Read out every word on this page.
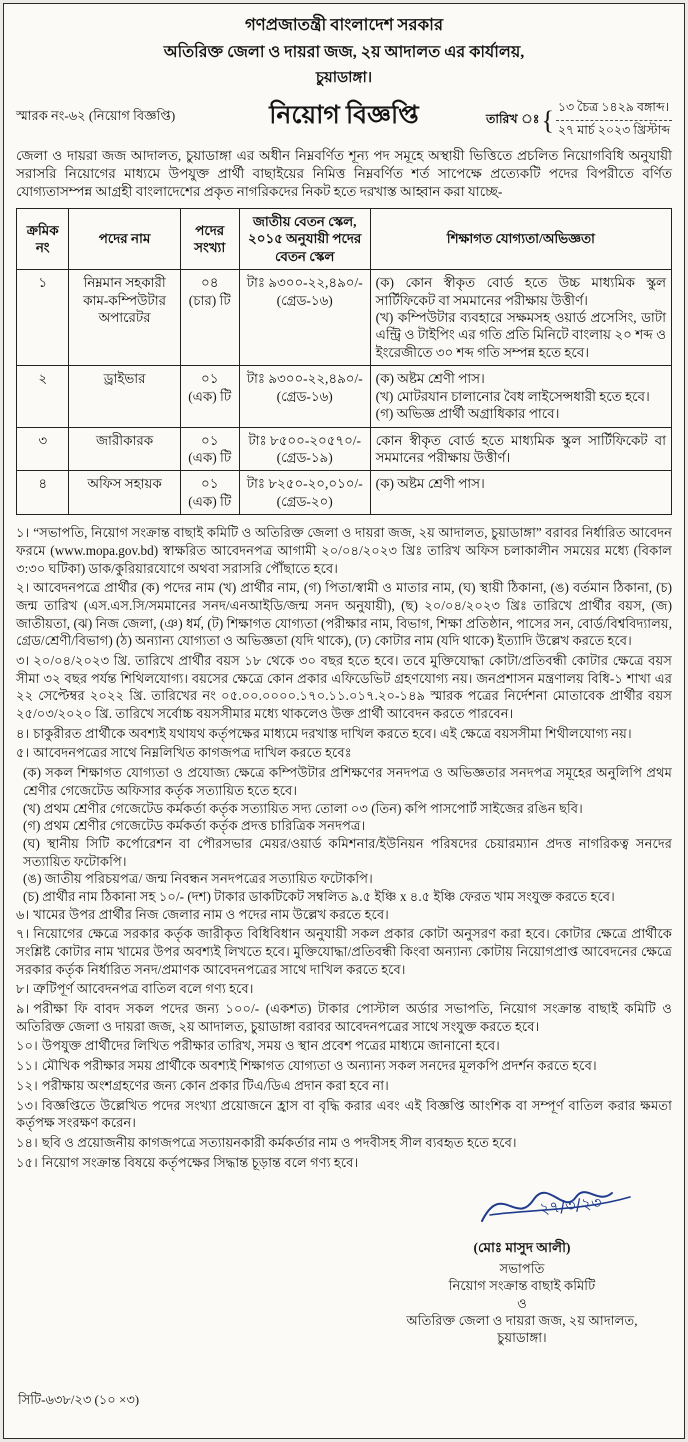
গণপ্রজাতন্ত্রী বাংলাদেশ সরকার
অতিরিক্ত জেলা ও দায়রা জজ, ২য় আদালত এর কার্যালয়,
চুয়াডাঙ্গা।
স্মারক নং-৬২ (নিয়োগ বিজ্ঞপ্তি)	নিয়োগ বিজ্ঞপ্তি	তারিখ ঃ { ১৩ চৈত্র ১৪২৯ বঙ্গাব্দ।
২৭ মার্চ ২০২৩ খ্রিস্টাব্দ

জেলা ও দায়রা জজ আদালত, চুয়াডাঙ্গা এর অধীন নিম্নবর্ণিত শূন্য পদ সমূহে অস্থায়ী ভিত্তিতে প্রচলিত নিয়োগবিধি অনুযায়ী সরাসরি নিয়োগের মাধ্যমে উপযুক্ত প্রার্থী বাছাইয়ের নিমিত্ত নিম্নবর্ণিত শর্ত সাপেক্ষে প্রত্যেকটি পদের বিপরীতে বর্ণিত যোগ্যতাসম্পন্ন আগ্রহী বাংলাদেশের প্রকৃত নাগরিকদের নিকট হতে দরখাস্ত আহ্বান করা যাচ্ছে-

ক্রমিক নং	পদের নাম	পদের সংখ্যা	জাতীয় বেতন স্কেল, ২০১৫ অনুযায়ী পদের বেতন স্কেল	শিক্ষাগত যোগ্যতা/অভিজ্ঞতা
১	নিম্নমান সহকারী কাম-কম্পিউটার অপারেটর	০৪ (চার) টি	টাঃ ৯৩০০-২২,৪৯০/- (গ্রেড-১৬)	(ক) কোন স্বীকৃত বোর্ড হতে উচ্চ মাধ্যমিক স্কুল সার্টিফিকেট বা সমমানের পরীক্ষায় উত্তীর্ণ।
(খ) কম্পিউটার ব্যবহারে সক্ষমসহ ওয়ার্ড প্রসেসিং, ডাটা এন্ট্রি ও টাইপিং এর গতি প্রতি মিনিটে বাংলায় ২০ শব্দ ও ইংরেজীতে ৩০ শব্দ গতি সম্পন্ন হতে হবে।

২	ড্রাইভার	০১ (এক) টি	টাঃ ৯৩০০-২২,৪৯০/- (গ্রেড-১৬)	(ক) অষ্টম শ্রেণী পাস।
(খ) মোটরযান চালানোর বৈধ লাইসেন্সধারী হতে হবে।
(গ) অভিজ্ঞ প্রার্থী অগ্রাধিকার পাবে।

৩	জারীকারক	০১ (এক) টি	টাঃ ৮৫০০-২০৫৭০/- (গ্রেড-১৯)	কোন স্বীকৃত বোর্ড হতে মাধ্যমিক স্কুল সার্টিফিকেট বা সমমানের পরীক্ষায় উত্তীর্ণ।

৪	অফিস সহায়ক	০১ (এক) টি	টাঃ ৮২৫০-২০,০১০/- (গ্রেড-২০)	(ক) অষ্টম শ্রেণী পাস।

১। “সভাপতি, নিয়োগ সংক্রান্ত বাছাই কমিটি ও অতিরিক্ত জেলা ও দায়রা জজ, ২য় আদালত, চুয়াডাঙ্গা” বরাবর নির্ধারিত আবেদন ফরমে (www.mopa.gov.bd) স্বাক্ষরিত আবেদনপত্র আগামী ২০/০৪/২০২৩ খ্রিঃ তারিখ অফিস চলাকালীন সময়ের মধ্যে (বিকাল ৩:৩০ ঘটিকা) ডাক/কুরিয়ারযোগে অথবা সরাসরি পৌঁছাতে হবে।

২। আবেদনপত্রে প্রার্থীর (ক) পদের নাম (খ) প্রার্থীর নাম, (গ) পিতা/স্বামী ও মাতার নাম, (ঘ) স্থায়ী ঠিকানা, (ঙ) বর্তমান ঠিকানা, (চ) জন্ম তারিখ (এস.এস.সি/সমমানের সনদ/এনআইডি/জন্ম সনদ অনুযায়ী), (ছ) ২০/০৪/২০২৩ খ্রিঃ তারিখে প্রার্থীর বয়স, (জ) জাতীয়তা, (ঝ) নিজ জেলা, (ঞ) ধর্ম, (ট) শিক্ষাগত যোগ্যতা (পরীক্ষার নাম, বিভাগ, শিক্ষা প্রতিষ্ঠান, পাসের সন, বোর্ড/বিশ্ববিদ্যালয়, গ্রেড/শ্রেণী/বিভাগ) (ঠ) অন্যান্য যোগ্যতা ও অভিজ্ঞতা (যদি থাকে), (ঢ) কোটার নাম (যদি থাকে) ইত্যাদি উল্লেখ করতে হবে।

৩। ২০/০৪/২০২৩ খ্রি. তারিখে প্রার্থীর বয়স ১৮ থেকে ৩০ বছর হতে হবে। তবে মুক্তিযোদ্ধা কোটা/প্রতিবন্ধী কোটার ক্ষেত্রে বয়স সীমা ৩২ বছর পর্যন্ত শিথিলযোগ্য। বয়সের ক্ষেত্রে কোন প্রকার এফিডেভিট গ্রহণযোগ্য নয়। জনপ্রশাসন মন্ত্রণালয় বিধি-১ শাখা এর ২২ সেপ্টেম্বর ২০২২ খ্রি. তারিখের নং ০৫.০০.০০০০.১৭০.১১.০১৭.২০-১৪৯ স্মারক পত্রের নির্দেশনা মোতাবেক প্রার্থীর বয়স ২৫/০৩/২০২০ খ্রি. তারিখে সর্বোচ্চ বয়সসীমার মধ্যে থাকলেও উক্ত প্রার্থী আবেদন করতে পারবেন।

৪। চাকুরীরত প্রার্থীকে অবশ্যই যথাযথ কর্তৃপক্ষের মাধ্যমে দরখাস্ত দাখিল করতে হবে। এই ক্ষেত্রে বয়সসীমা শিথীলযোগ্য নয়।

৫। আবেদনপত্রের সাথে নিম্নলিখিত কাগজপত্র দাখিল করতে হবেঃ

(ক) সকল শিক্ষাগত যোগ্যতা ও প্রযোজ্য ক্ষেত্রে কম্পিউটার প্রশিক্ষণের সনদপত্র ও অভিজ্ঞতার সনদপত্র সমূহের অনুলিপি প্রথম শ্রেণীর গেজেটেড অফিসার কর্তৃক সত্যায়িত হতে হবে।
(খ) প্রথম শ্রেণীর গেজেটেড কর্মকর্তা কর্তৃক সত্যায়িত সদ্য তোলা ০৩ (তিন) কপি পাসপোর্ট সাইজের রঙিন ছবি।
(গ) প্রথম শ্রেণীর গেজেটেড কর্মকর্তা কর্তৃক প্রদত্ত চারিত্রিক সনদপত্র।
(ঘ) স্থানীয় সিটি কর্পোরেশন বা পৌরসভার মেয়র/ওয়ার্ড কমিশনার/ইউনিয়ন পরিষদের চেয়ারম্যান প্রদত্ত নাগরিকত্ব সনদের সত্যায়িত ফটোকপি।
(ঙ) জাতীয় পরিচয়পত্র/ জন্ম নিবন্ধন সনদপত্রের সত্যায়িত ফটোকপি।
(চ) প্রার্থীর নাম ঠিকানা সহ ১০/- (দশ) টাকার ডাকটিকেট সম্বলিত ৯.৫ ইঞ্চি x ৪.৫ ইঞ্চি ফেরত খাম সংযুক্ত করতে হবে।

৬। খামের উপর প্রার্থীর নিজ জেলার নাম ও পদের নাম উল্লেখ করতে হবে।

৭। নিয়োগের ক্ষেত্রে সরকার কর্তৃক জারীকৃত বিধিবিধান অনুযায়ী সকল প্রকার কোটা অনুসরণ করা হবে। কোটার ক্ষেত্রে প্রার্থীকে সংশ্লিষ্ট কোটার নাম খামের উপর অবশ্যই লিখতে হবে। মুক্তিযোদ্ধা/প্রতিবন্ধী কিংবা অন্যান্য কোটায় নিয়োগপ্রাপ্ত আবেদনের ক্ষেত্রে সরকার কর্তৃক নির্ধারিত সনদ/প্রমাণক আবেদনপত্রের সাথে দাখিল করতে হবে।

৮। ত্রুটিপূর্ণ আবেদনপত্র বাতিল বলে গণ্য হবে।

৯। পরীক্ষা ফি বাবদ সকল পদের জন্য ১০০/- (একশত) টাকার পোস্টাল অর্ডার সভাপতি, নিয়োগ সংক্রান্ত বাছাই কমিটি ও অতিরিক্ত জেলা ও দায়রা জজ, ২য় আদালত, চুয়াডাঙ্গা বরাবর আবেদনপত্রের সাথে সংযুক্ত করতে হবে।

১০। উপযুক্ত প্রার্থীদের লিখিত পরীক্ষার তারিখ, সময় ও স্থান প্রবেশ পত্রের মাধ্যমে জানানো হবে।

১১। মৌখিক পরীক্ষার সময় প্রার্থীকে অবশ্যই শিক্ষাগত যোগ্যতা ও অন্যান্য সকল সনদের মূলকপি প্রদর্শন করতে হবে।

১২। পরীক্ষায় অংশগ্রহণের জন্য কোন প্রকার টিএ/ডিএ প্রদান করা হবে না।

১৩। বিজ্ঞপ্তিতে উল্লেখিত পদের সংখ্যা প্রয়োজনে হ্রাস বা বৃদ্ধি করার এবং এই বিজ্ঞপ্তি আংশিক বা সম্পূর্ণ বাতিল করার ক্ষমতা কর্তৃপক্ষ সংরক্ষণ করেন।

১৪। ছবি ও প্রয়োজনীয় কাগজপত্রে সত্যায়নকারী কর্মকর্তার নাম ও পদবীসহ সীল ব্যবহৃত হতে হবে।

১৫। নিয়োগ সংক্রান্ত বিষয়ে কর্তৃপক্ষের সিদ্ধান্ত চূড়ান্ত বলে গণ্য হবে।

২৭/৩/২৩
(মোঃ মাসুদ আলী)
সভাপতি
নিয়োগ সংক্রান্ত বাছাই কমিটি
ও
অতিরিক্ত জেলা ও দায়রা জজ, ২য় আদালত,
চুয়াডাঙ্গা।
সিটি-৬৩৮/২৩ (১০ ×৩)
